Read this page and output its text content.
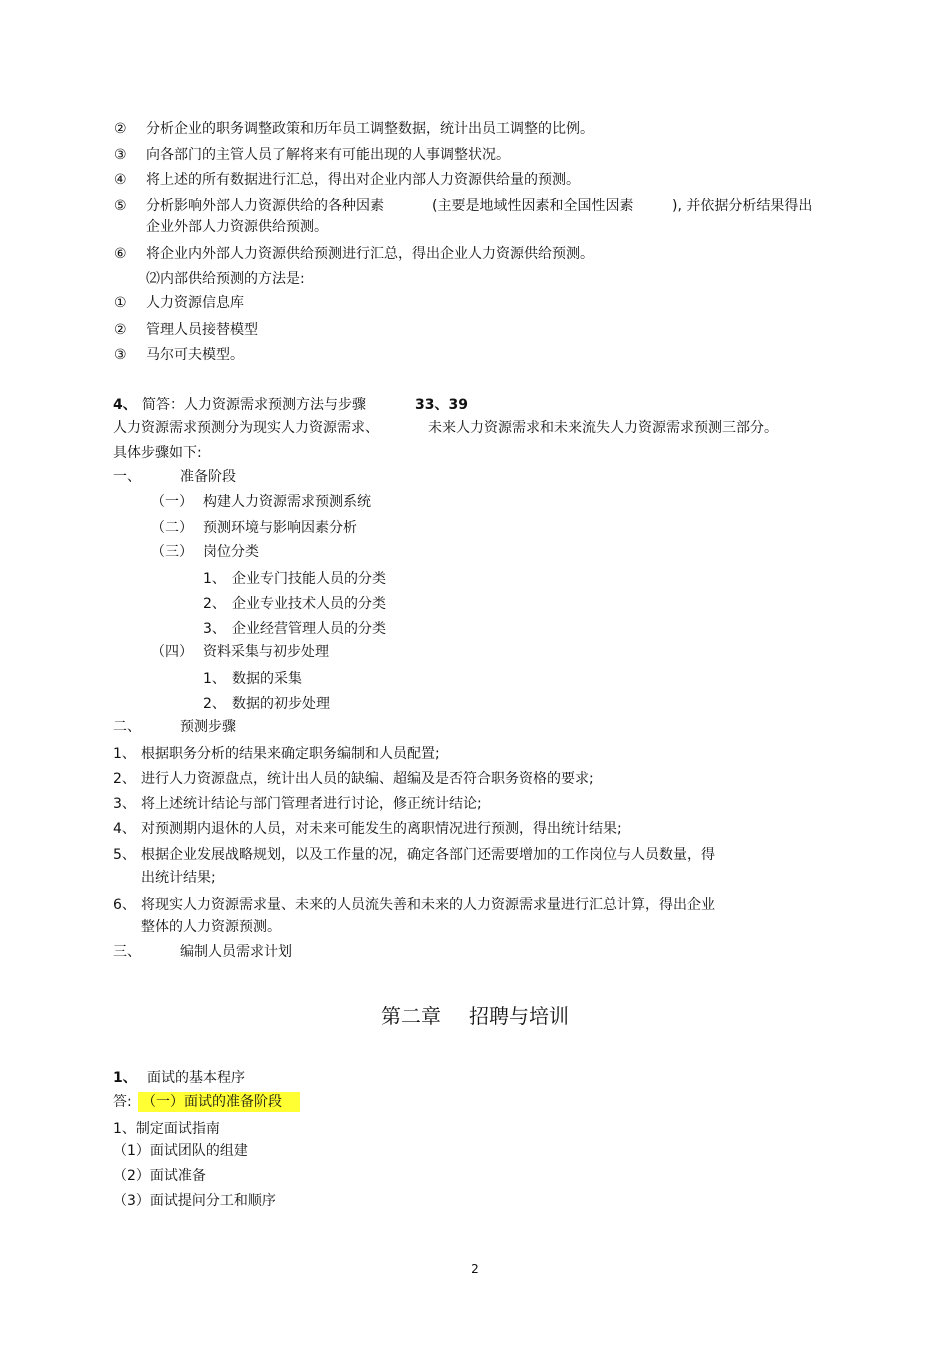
② 分析企业的职务调整政策和历年员工调整数据，统计出员工调整的比例。
③ 向各部门的主管人员了解将来有可能出现的人事调整状况。
④ 将上述的所有数据进行汇总，得出对企业内部人力资源供给量的预测。
⑤ 分析影响外部人力资源供给的各种因素	(主要是地域性因素和全国性因素	), 并依据分析结果得出
企业外部人力资源供给预测。
⑥ 将企业内外部人力资源供给预测进行汇总，得出企业人力资源供给预测。
⑵内部供给预测的方法是:
① 人力资源信息库
② 管理人员接替模型
③ 马尔可夫模型。
4、 简答：人力资源需求预测方法与步骤	33、39
人力资源需求预测分为现实人力资源需求、	未来人力资源需求和未来流失人力资源需求预测三部分。
具体步骤如下:
一、	准备阶段
（一） 构建人力资源需求预测系统
（二） 预测环境与影响因素分析
（三） 岗位分类
1、 企业专门技能人员的分类
2、 企业专业技术人员的分类
3、 企业经营管理人员的分类
（四） 资料采集与初步处理
1、 数据的采集
2、 数据的初步处理
二、	预测步骤
1、 根据职务分析的结果来确定职务编制和人员配置;
2、 进行人力资源盘点，统计出人员的缺编、超编及是否符合职务资格的要求;
3、 将上述统计结论与部门管理者进行讨论，修正统计结论;
4、 对预测期内退休的人员，对未来可能发生的离职情况进行预测，得出统计结果;
5、 根据企业发展战略规划，以及工作量的况，确定各部门还需要增加的工作岗位与人员数量，得
出统计结果;
6、 将现实人力资源需求量、未来的人员流失善和未来的人力资源需求量进行汇总计算，得出企业
整体的人力资源预测。
三、	编制人员需求计划
第二章 招聘与培训
1、 面试的基本程序
答: （一）面试的准备阶段
1、制定面试指南
（1）面试团队的组建
（2）面试准备
（3）面试提问分工和顺序
2
